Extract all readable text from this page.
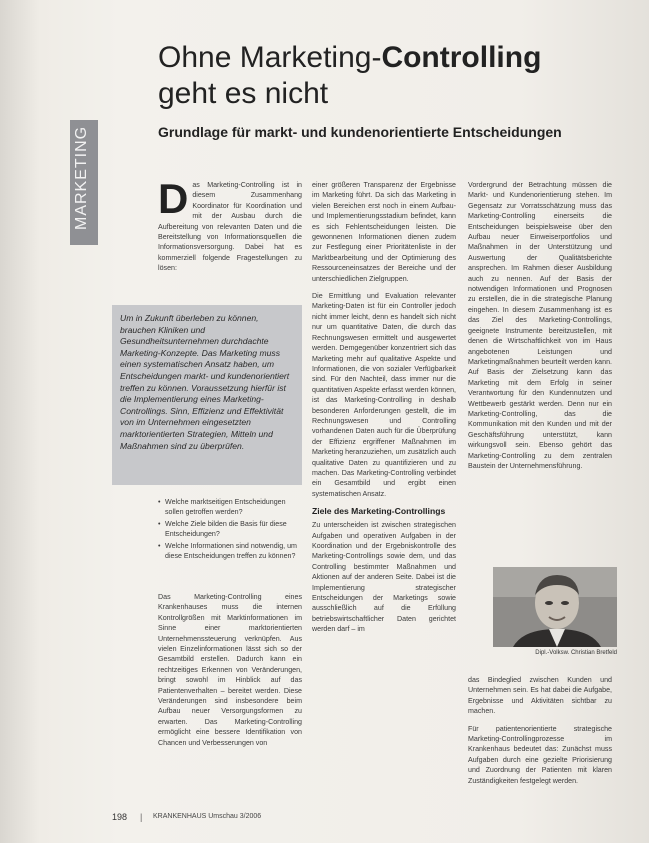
MARKETING
Ohne Marketing-Controlling
geht es nicht
Grundlage für markt- und kundenorientierte Entscheidungen
D as Marketing-Controlling ist in diesem Zusammenhang Koordinator für Koordination und mit der Ausbau durch die Aufbereitung von relevanten Daten und die Bereitstellung von Informationsquellen die Informationsversorgung. Dabei hat es kommerziell folgende Fragestellungen zu lösen:

Um in Zukunft überleben zu können, brauchen Kliniken und Gesundheitsunternehmen durchdachte Marketing-Konzepte. Das Marketing muss einen systematischen Ansatz haben, um Entscheidungen markt- und kundenorientiert treffen zu können. Voraussetzung hierfür ist die Implementierung eines Marketing-Controllings. Sinn, Effizienz und Effektivität von im Unternehmen eingesetzten marktorientierten Strategien, Mitteln und Maßnahmen sind zu überprüfen.

• Welche marktseitigen Entscheidungen sollen getroffen werden?
• Welche Ziele bilden die Basis für diese Entscheidungen?
• Welche Informationen sind notwendig, um diese Entscheidungen treffen zu können?

Das Marketing-Controlling eines Krankenhauses muss die internen Kontrollgrößen mit Marktinformationen im Sinne einer marktorientierten Unternehmenssteuerung verknüpfen. Aus vielen Einzelinformationen lässt sich so der Gesamtbild erstellen. Dadurch kann ein rechtzeitiges Erkennen von Veränderungen, bringt sowohl im Hinblick auf das Patientenverhalten – bereitet werden. Diese Veränderungen sind insbesondere beim Aufbau neuer Versorgungsformen zu erwarten. Das Marketing-Controlling ermöglicht eine bessere Identifikation von Chancen und Verbesserungen von

einer größeren Transparenz der Ergebnisse im Marketing führt. Da sich das Marketing in vielen Bereichen erst noch in einem Aufbau- und Implementierungsstadium befindet, kann es sich Fehlentscheidungen leisten. Die gewonnenen Informationen dienen zudem zur Festlegung einer Prioritätenliste in der Marktbearbeitung und der Optimierung des Ressourceneinsatzes der Bereiche und der unterschiedlichen Zielgruppen.

Die Ermittlung und Evaluation relevanter Marketing-Daten ist für ein Controller jedoch nicht immer leicht, denn es handelt sich nicht nur um quantitative Daten, die durch das Rechnungswesen ermittelt und ausgewertet werden. Demgegenüber konzentriert sich das Marketing mehr auf qualitative Aspekte und Informationen, die von sozialer Verfügbarkeit sind. Für den Nachteil, dass immer nur die quantitativen Aspekte erfasst werden können, ist das Marketing-Controlling in deshalb besonderen Anforderungen gestellt, die im Rechnungswesen und Controlling vorhandenen Daten auch für die Überprüfung der Effizienz ergriffener Maßnahmen im Marketing heranzuziehen, um zusätzlich auch qualitative Daten zu quantifizieren und zu machen. Das Marketing-Controlling verbindet ein Gesamtbild und ergibt einen systematischen Ansatz.

Ziele des Marketing-Controllings

Zu unterscheiden ist zwischen strategischen Aufgaben und operativen Aufgaben in der Koordination und der Ergebniskontrolle des Marketing-Controllings sowie dem, und das Controlling bestimmter Maßnahmen und Aktionen auf der anderen Seite. Dabei ist die Implementierung strategischer Entscheidungen der Marketings sowie ausschließlich auf die Erfüllung betriebswirtschaftlicher Daten gerichtet werden darf – im

Vordergrund der Betrachtung müssen die Markt- und Kundenorientierung stehen. Im Gegensatz zur Vorratsschätzung muss das Marketing-Controlling einerseits die Entscheidungen beispielsweise über den Aufbau neuer Einweiserportfolios und Maßnahmen in der Unterstützung und Auswertung der Qualitätsberichte ansprechen. Im Rahmen dieser Ausbildung auch zu nennen. Auf der Basis der notwendigen Informationen und Prognosen zu erstellen, die in die strategische Planung eingehen. In diesem Zusammenhang ist es das Ziel des Marketing-Controllings, geeignete Instrumente bereitzustellen, mit denen die Wirtschaftlichkeit von im Haus angebotenen Leistungen und Marketingmaßnahmen beurteilt werden kann. Auf Basis der Zielsetzung kann das Marketing mit dem Erfolg in seiner Verantwortung für den Kundennutzen und Wettbewerb gestärkt werden. Denn nur ein Marketing-Controlling, das die Kommunikation mit den Kunden und mit der Geschäftsführung unterstützt, kann wirkungsvoll sein. Ebenso gehört das Marketing-Controlling zu dem zentralen Baustein der Unternehmensführung.

Dipl.-Volksw. Christian Bretfeld

das Bindeglied zwischen Kunden und Unternehmen sein. Es hat dabei die Aufgabe, Ergebnisse und Aktivitäten sichtbar zu machen.

Für patientenorientierte strategische Marketing-Controllingprozesse im Krankenhaus bedeutet das: Zunächst muss Aufgaben durch eine gezielte Priorisierung und Zuordnung der Patienten mit klaren Zuständigkeiten festgelegt werden.

198 | KRANKENHAUS Umschau 3/2006
